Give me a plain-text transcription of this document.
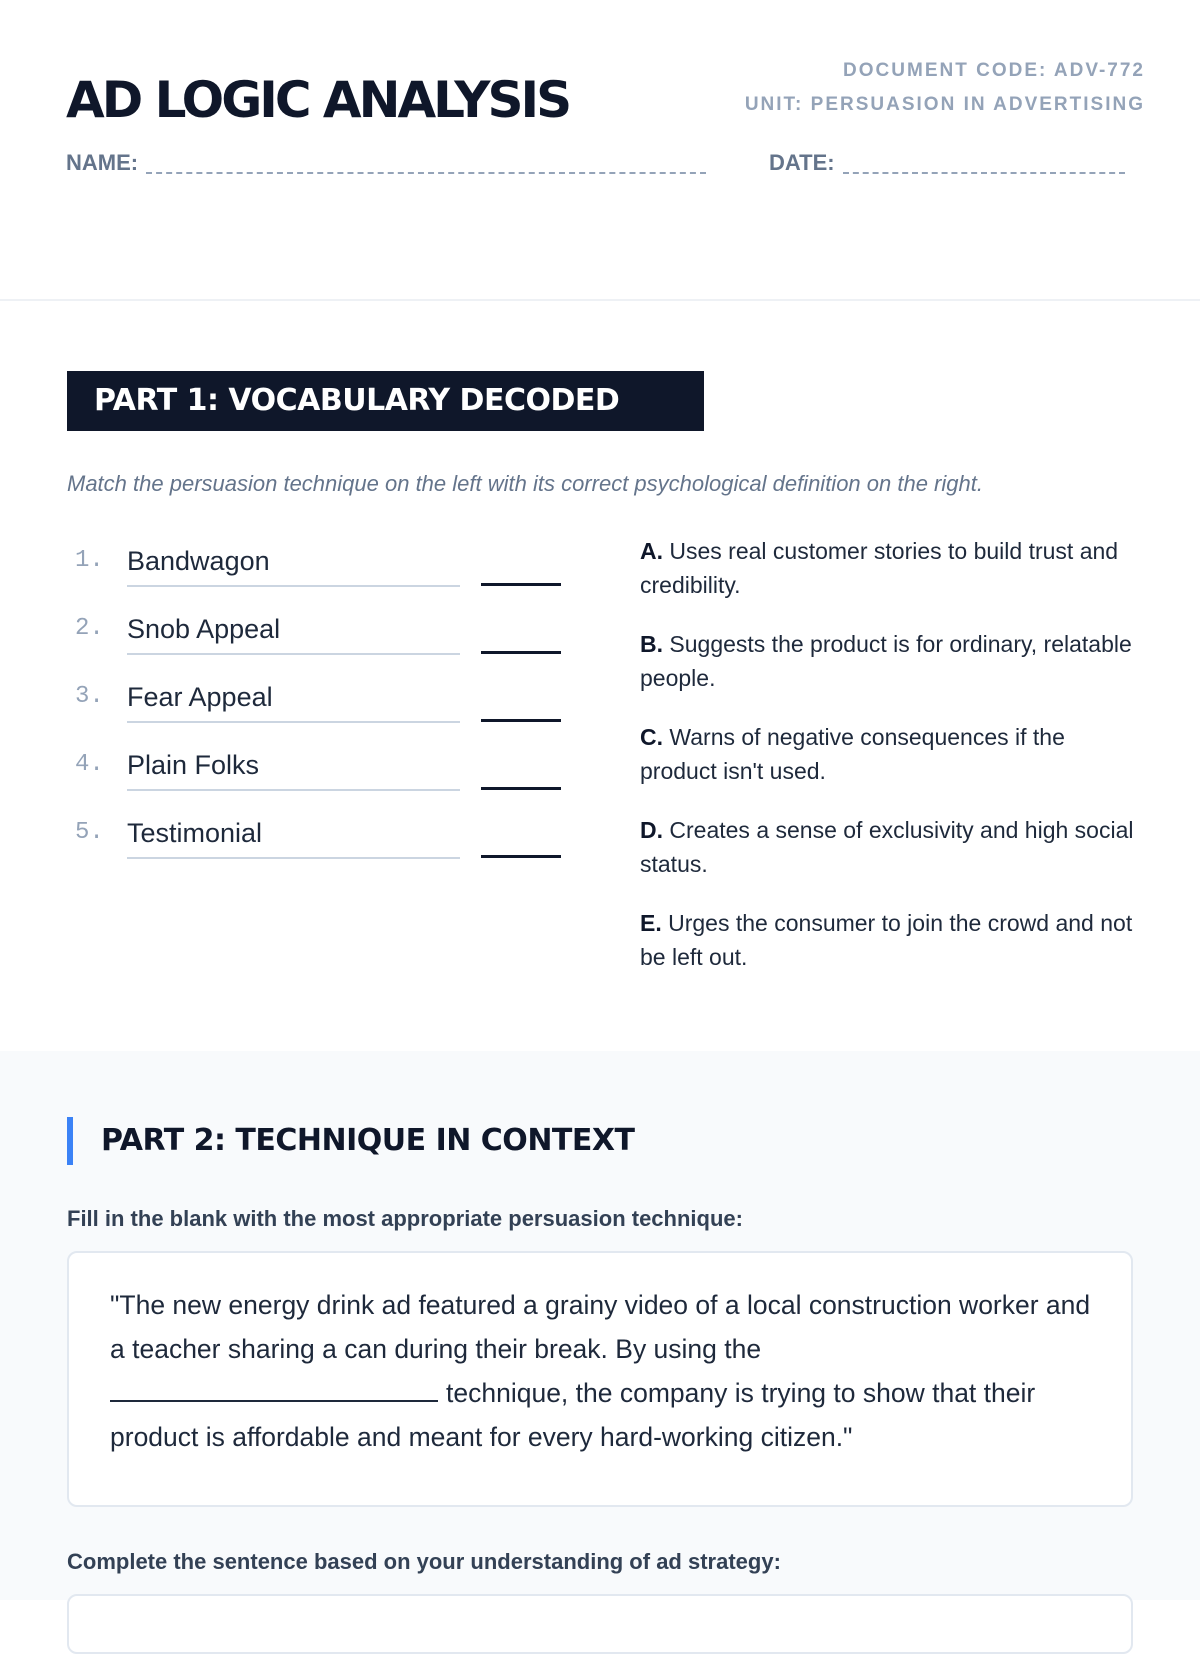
AD LOGIC ANALYSIS
DOCUMENT CODE: ADV-772
UNIT: PERSUASION IN ADVERTISING
NAME:	DATE:
PART 1: VOCABULARY DECODED

Match the persuasion technique on the left with its correct psychological definition on the right.

1. Bandwagon
2. Snob Appeal
3. Fear Appeal
4. Plain Folks
5. Testimonial
A. Uses real customer stories to build trust and credibility.
B. Suggests the product is for ordinary, relatable people.
C. Warns of negative consequences if the product isn't used.
D. Creates a sense of exclusivity and high social status.
E. Urges the consumer to join the crowd and not be left out.
PART 2: TECHNIQUE IN CONTEXT

Fill in the blank with the most appropriate persuasion technique:

"The new energy drink ad featured a grainy video of a local construction worker and a teacher sharing a can during their break. By using the technique, the company is trying to show that their product is affordable and meant for every hard-working citizen."

Complete the sentence based on your understanding of ad strategy:
